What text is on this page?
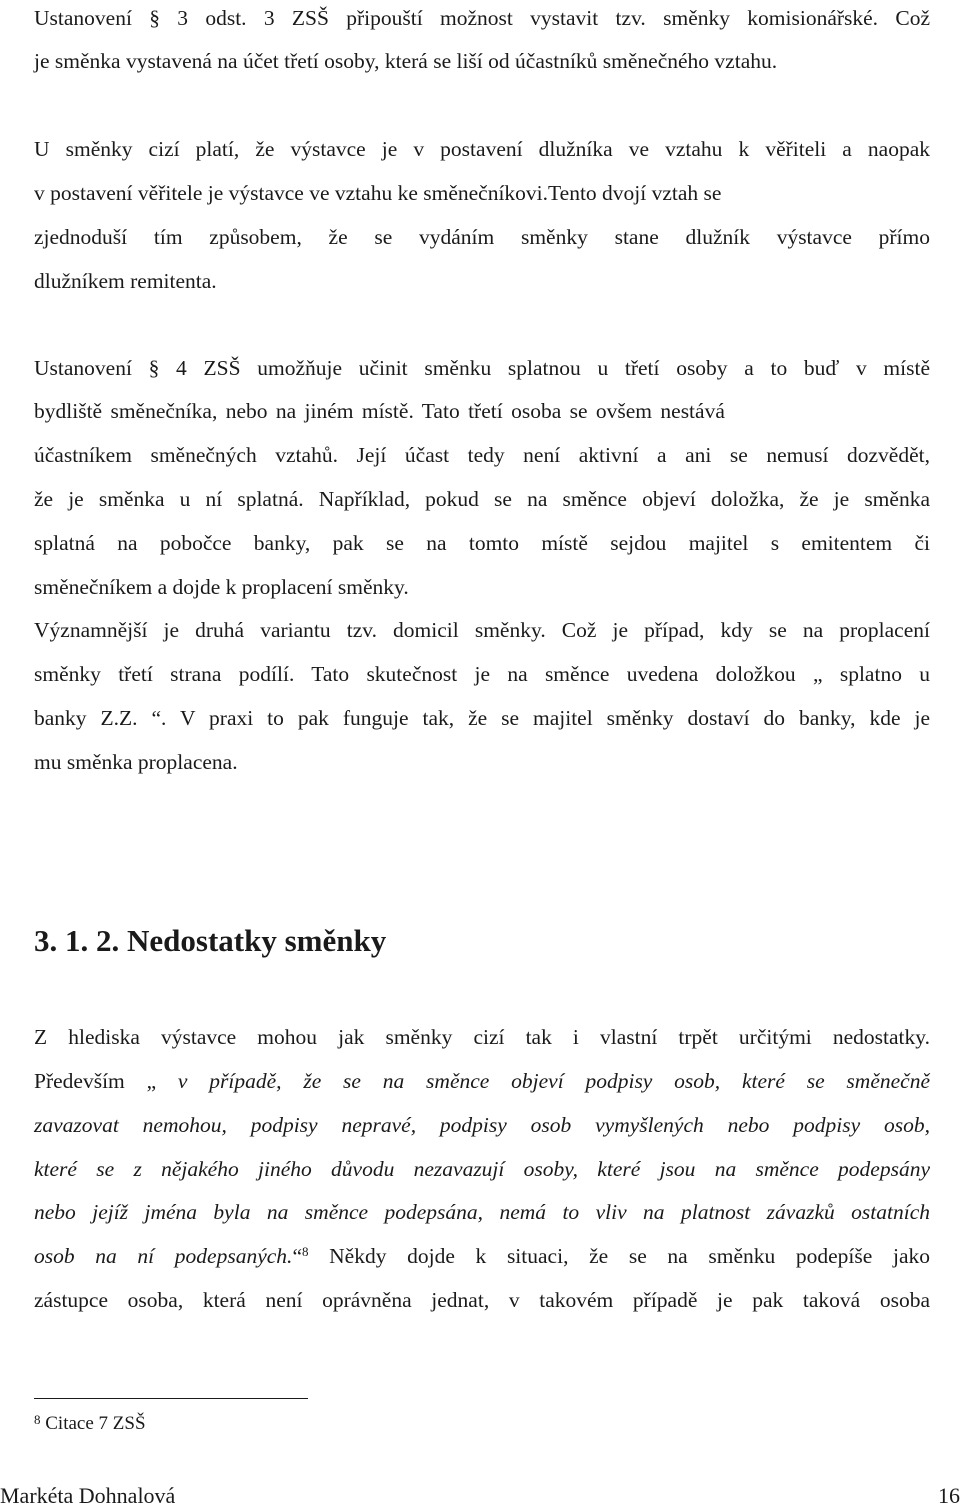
Ustanovení § 3 odst. 3 ZSŠ připouští možnost vystavit tzv. směnky komisionářské. Což
je směnka vystavená na účet třetí osoby, která se liší od účastníků směnečného vztahu.
U směnky cizí platí, že výstavce je v postavení dlužníka ve vztahu k věřiteli a naopak
v postavení věřitele je výstavce ve vztahu ke směnečníkovi.Tento dvojí vztah se
zjednoduší tím způsobem, že se vydáním směnky stane dlužník výstavce přímo
dlužníkem remitenta.
Ustanovení § 4 ZSŠ umožňuje učinit směnku splatnou u třetí osoby a to buď v místě
bydliště směnečníka, nebo na jiném místě. Tato třetí osoba se ovšem nestává
účastníkem směnečných vztahů. Její účast tedy není aktivní a ani se nemusí dozvědět,
že je směnka u ní splatná. Například, pokud se na směnce objeví doložka, že je směnka
splatná na pobočce banky, pak se na tomto místě sejdou majitel s emitentem či
směnečníkem a dojde k proplacení směnky.
Významnější je druhá variantu tzv. domicil směnky. Což je případ, kdy se na proplacení
směnky třetí strana podílí. Tato skutečnost je na směnce uvedena doložkou „ splatno u
banky Z.Z. “. V praxi to pak funguje tak, že se majitel směnky dostaví do banky, kde je
mu směnka proplacena.
3. 1. 2. Nedostatky směnky
Z hlediska výstavce mohou jak směnky cizí tak i vlastní trpět určitými nedostatky.
Především „ v případě, že se na směnce objeví podpisy osob, které se směnečně
zavazovat nemohou, podpisy nepravé, podpisy osob vymyšlených nebo podpisy osob,
které se z nějakého jiného důvodu nezavazují osoby, které jsou na směnce podepsány
nebo jejíž jména byla na směnce podepsána, nemá to vliv na platnost závazků ostatních
osob na ní podepsaných.“$^8$ Někdy dojde k situaci, že se na směnku podepíše jako
zástupce osoba, která není oprávněna jednat, v takovém případě je pak taková osoba
$^8$ Citace 7 ZSŠ
Markéta Dohnalová	16
